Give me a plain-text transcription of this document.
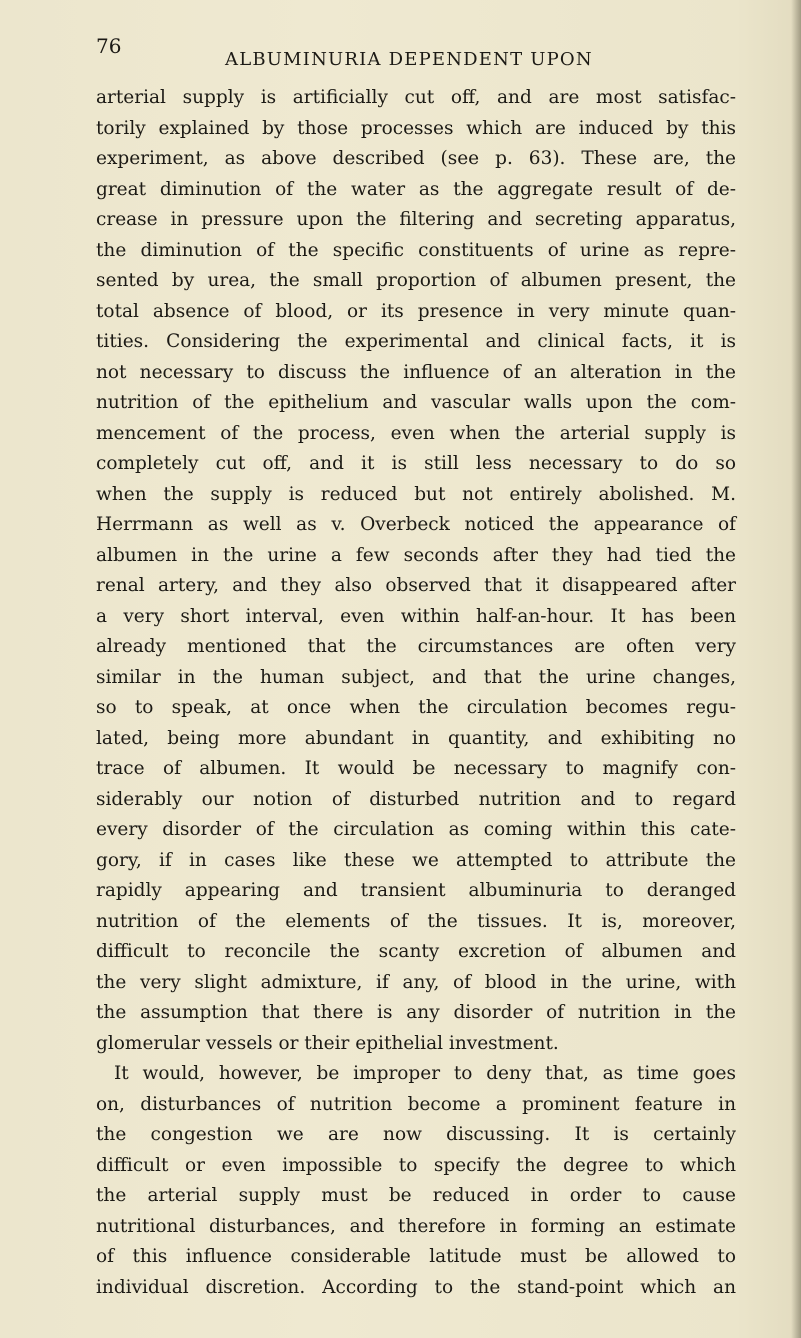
76
ALBUMINURIA DEPENDENT UPON
arterial supply is artificially cut off, and are most satisfac-
torily explained by those processes which are induced by this
experiment, as above described (see p. 63). These are, the
great diminution of the water as the aggregate result of de-
crease in pressure upon the filtering and secreting apparatus,
the diminution of the specific constituents of urine as repre-
sented by urea, the small proportion of albumen present, the
total absence of blood, or its presence in very minute quan-
tities. Considering the experimental and clinical facts, it is
not necessary to discuss the influence of an alteration in the
nutrition of the epithelium and vascular walls upon the com-
mencement of the process, even when the arterial supply is
completely cut off, and it is still less necessary to do so
when the supply is reduced but not entirely abolished. M.
Herrmann as well as v. Overbeck noticed the appearance of
albumen in the urine a few seconds after they had tied the
renal artery, and they also observed that it disappeared after
a very short interval, even within half-an-hour. It has been
already mentioned that the circumstances are often very
similar in the human subject, and that the urine changes,
so to speak, at once when the circulation becomes regu-
lated, being more abundant in quantity, and exhibiting no
trace of albumen. It would be necessary to magnify con-
siderably our notion of disturbed nutrition and to regard
every disorder of the circulation as coming within this cate-
gory, if in cases like these we attempted to attribute the
rapidly appearing and transient albuminuria to deranged
nutrition of the elements of the tissues. It is, moreover,
difficult to reconcile the scanty excretion of albumen and
the very slight admixture, if any, of blood in the urine, with
the assumption that there is any disorder of nutrition in the
glomerular vessels or their epithelial investment.
It would, however, be improper to deny that, as time goes
on, disturbances of nutrition become a prominent feature in
the congestion we are now discussing. It is certainly
difficult or even impossible to specify the degree to which
the arterial supply must be reduced in order to cause
nutritional disturbances, and therefore in forming an estimate
of this influence considerable latitude must be allowed to
individual discretion. According to the stand-point which an
